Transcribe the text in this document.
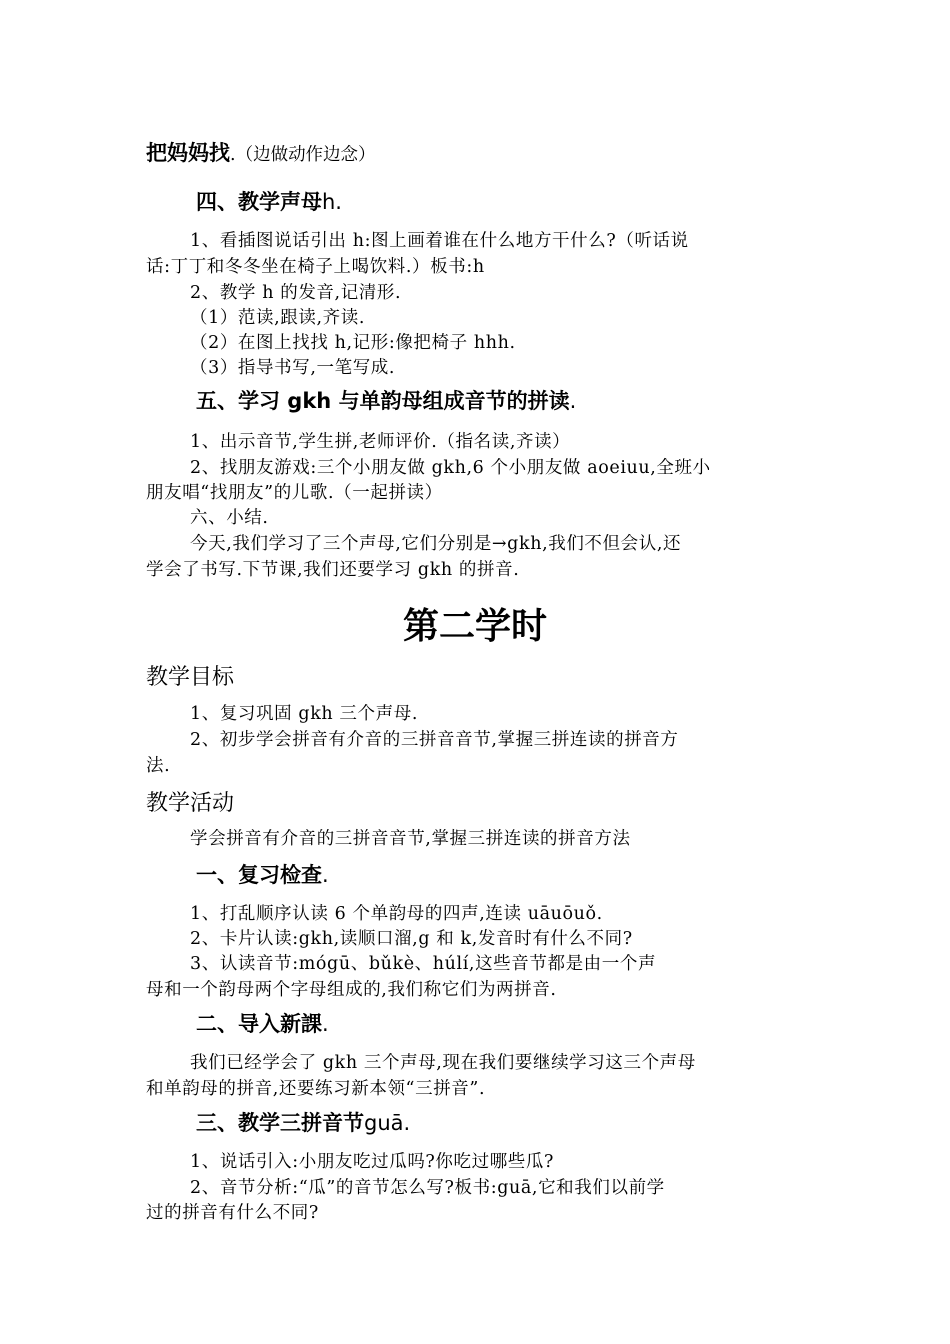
把妈妈找.（边做动作边念）
四、教学声母h.
1、看插图说话引出 h:图上画着谁在什么地方干什么?（听话说
话:丁丁和冬冬坐在椅子上喝饮料.）板书:h
2、教学 h 的发音,记清形.
（1）范读,跟读,齐读.
（2）在图上找找 h,记形:像把椅子 hhh.
（3）指导书写,一笔写成.
五、学习 gkh 与单韵母组成音节的拼读.
1、出示音节,学生拼,老师评价.（指名读,齐读）
2、找朋友游戏:三个小朋友做 gkh,6 个小朋友做 aoeiuu,全班小
朋友唱“找朋友”的儿歌.（一起拼读）
六、小结.
今天,我们学习了三个声母,它们分别是→gkh,我们不但会认,还
学会了书写.下节课,我们还要学习 gkh 的拼音.
第二学时
教学目标
1、复习巩固 gkh 三个声母.
2、初步学会拼音有介音的三拼音音节,掌握三拼连读的拼音方
法.
教学活动
学会拼音有介音的三拼音音节,掌握三拼连读的拼音方法
一、复习检查.
1、打乱顺序认读 6 个单韵母的四声,连读 uāuōuǒ.
2、卡片认读:gkh,读顺口溜,g 和 k,发音时有什么不同?
3、认读音节:mógū、bǔkè、húlí,这些音节都是由一个声
母和一个韵母两个字母组成的,我们称它们为两拼音.
二、导入新課.
我们已经学会了 gkh 三个声母,现在我们要继续学习这三个声母
和单韵母的拼音,还要练习新本领“三拼音”.
三、教学三拼音节guā.
1、说话引入:小朋友吃过瓜吗?你吃过哪些瓜?
2、音节分析:“瓜”的音节怎么写?板书:guā,它和我们以前学
过的拼音有什么不同?
